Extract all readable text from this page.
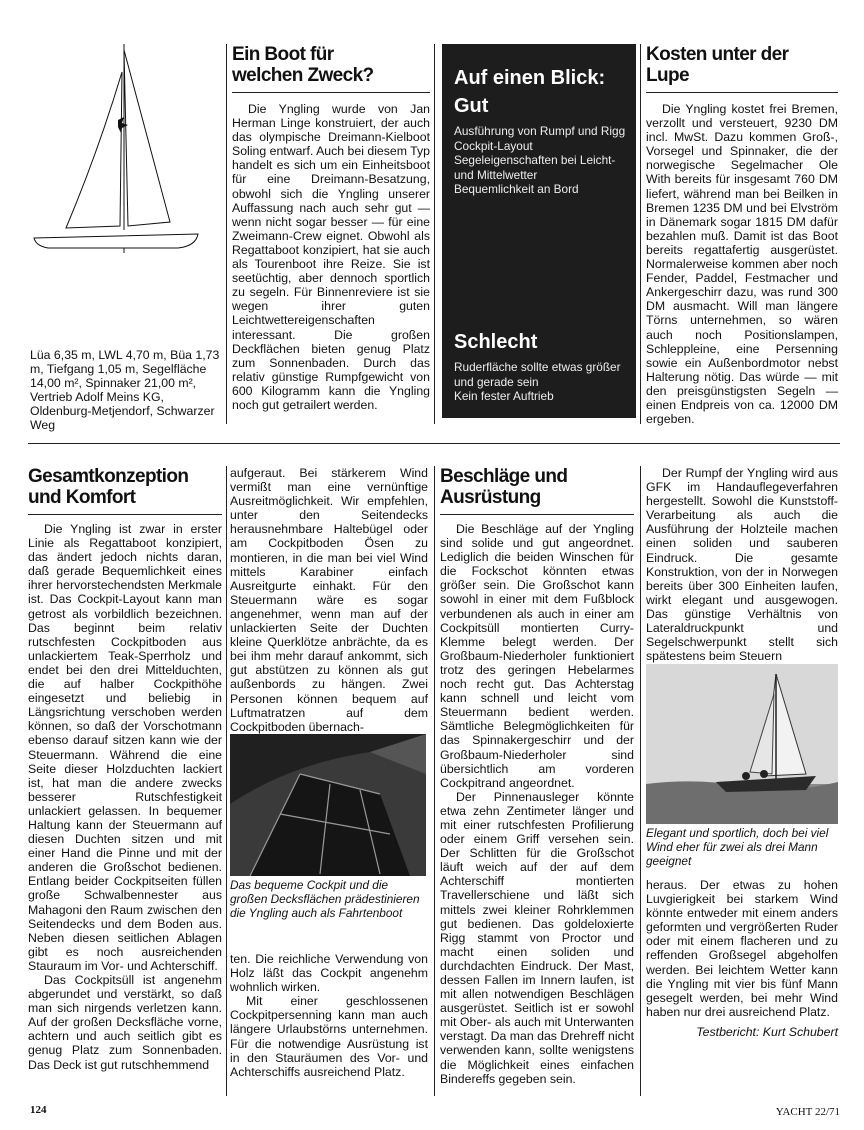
Lüa 6,35 m, LWL 4,70 m, Büa 1,73 m, Tiefgang 1,05 m, Segelfläche 14,00 m², Spinnaker 21,00 m², Vertrieb Adolf Meins KG, Oldenburg-Metjendorf, Schwarzer Weg
Ein Boot für welchen Zweck?

Die Yngling wurde von Jan Herman Linge konstruiert, der auch das olympische Dreimann-Kielboot Soling entwarf. Auch bei diesem Typ handelt es sich um ein Einheitsboot für eine Dreimann-Besatzung, obwohl sich die Yngling unserer Auffassung nach auch sehr gut — wenn nicht sogar besser — für eine Zweimann-Crew eignet. Obwohl als Regattaboot konzipiert, hat sie auch als Tourenboot ihre Reize. Sie ist seetüchtig, aber dennoch sportlich zu segeln. Für Binnenreviere ist sie wegen ihrer guten Leichtwettereigenschaften interessant. Die großen Deckflächen bieten genug Platz zum Sonnenbaden. Durch das relativ günstige Rumpfgewicht von 600 Kilogramm kann die Yngling noch gut getrailert werden.

Auf einen Blick:
Gut
Ausführung von Rumpf und Rigg
Cockpit-Layout
Segeleigenschaften bei Leicht- und Mittelwetter
Bequemlichkeit an Bord
Schlecht
Ruderfläche sollte etwas größer und gerade sein
Kein fester Auftrieb
Kosten unter der Lupe

Die Yngling kostet frei Bremen, verzollt und versteuert, 9230 DM incl. MwSt. Dazu kommen Groß-, Vorsegel und Spinnaker, die der norwegische Segelmacher Ole With bereits für insgesamt 760 DM liefert, während man bei Beilken in Bremen 1235 DM und bei Elvström in Dänemark sogar 1815 DM dafür bezahlen muß. Damit ist das Boot bereits regattafertig ausgerüstet. Normalerweise kommen aber noch Fender, Paddel, Festmacher und Ankergeschirr dazu, was rund 300 DM ausmacht. Will man längere Törns unternehmen, so wären auch noch Positionslampen, Schleppleine, eine Persenning sowie ein Außenbordmotor nebst Halterung nötig. Das würde — mit den preisgünstigsten Segeln — einen Endpreis von ca. 12000 DM ergeben.

Gesamtkonzeption und Komfort

Die Yngling ist zwar in erster Linie als Regattaboot konzipiert, das ändert jedoch nichts daran, daß gerade Bequemlichkeit eines ihrer hervorstechendsten Merkmale ist. Das Cockpit-Layout kann man getrost als vorbildlich bezeichnen. Das beginnt beim relativ rutschfesten Cockpitboden aus unlackiertem Teak-Sperrholz und endet bei den drei Mittelduchten, die auf halber Cockpithöhe eingesetzt und beliebig in Längsrichtung verschoben werden können, so daß der Vorschotmann ebenso darauf sitzen kann wie der Steuermann. Während die eine Seite dieser Holzduchten lackiert ist, hat man die andere zwecks besserer Rutschfestigkeit unlackiert gelassen. In bequemer Haltung kann der Steuermann auf diesen Duchten sitzen und mit einer Hand die Pinne und mit der anderen die Großschot bedienen. Entlang beider Cockpitseiten füllen große Schwalbennester aus Mahagoni den Raum zwischen den Seitendecks und dem Boden aus. Neben diesen seitlichen Ablagen gibt es noch ausreichenden Stauraum im Vor- und Achterschiff.

Das Cockpitsüll ist angenehm abgerundet und verstärkt, so daß man sich nirgends verletzen kann. Auf der großen Decksfläche vorne, achtern und auch seitlich gibt es genug Platz zum Sonnenbaden. Das Deck ist gut rutschhemmend

aufgeraut. Bei stärkerem Wind vermißt man eine vernünftige Ausreitmöglichkeit. Wir empfehlen, unter den Seitendecks herausnehmbare Haltebügel oder am Cockpitboden Ösen zu montieren, in die man bei viel Wind mittels Karabiner einfach Ausreitgurte einhakt. Für den Steuermann wäre es sogar angenehmer, wenn man auf der unlackierten Seite der Duchten kleine Querklötze anbrächte, da es bei ihm mehr darauf ankommt, sich gut abstützen zu können als gut außenbords zu hängen. Zwei Personen können bequem auf Luftmatratzen auf dem Cockpitboden übernach-

Das bequeme Cockpit und die großen Decksflächen prädestinieren die Yngling auch als Fahrtenboot

ten. Die reichliche Verwendung von Holz läßt das Cockpit angenehm wohnlich wirken.

Mit einer geschlossenen Cockpitpersenning kann man auch längere Urlaubstörns unternehmen. Für die notwendige Ausrüstung ist in den Stauräumen des Vor- und Achterschiffs ausreichend Platz.

Beschläge und Ausrüstung

Die Beschläge auf der Yngling sind solide und gut angeordnet. Lediglich die beiden Winschen für die Fockschot könnten etwas größer sein. Die Großschot kann sowohl in einer mit dem Fußblock verbundenen als auch in einer am Cockpitsüll montierten Curry-Klemme belegt werden. Der Großbaum-Niederholer funktioniert trotz des geringen Hebelarmes noch recht gut. Das Achterstag kann schnell und leicht vom Steuermann bedient werden. Sämtliche Belegmöglichkeiten für das Spinnakergeschirr und der Großbaum-Niederholer sind übersichtlich am vorderen Cockpitrand angeordnet.

Der Pinnenausleger könnte etwa zehn Zentimeter länger und mit einer rutschfesten Profilierung oder einem Griff versehen sein. Der Schlitten für die Großschot läuft weich auf der auf dem Achterschiff montierten Travellerschiene und läßt sich mittels zwei kleiner Rohrklemmen gut bedienen. Das goldeloxierte Rigg stammt von Proctor und macht einen soliden und durchdachten Eindruck. Der Mast, dessen Fallen im Innern laufen, ist mit allen notwendigen Beschlägen ausgerüstet. Seitlich ist er sowohl mit Ober- als auch mit Unterwanten verstagt. Da man das Drehreff nicht verwenden kann, sollte wenigstens die Möglichkeit eines einfachen Bindereffs gegeben sein.

Der Rumpf der Yngling wird aus GFK im Handauflegeverfahren hergestellt. Sowohl die Kunststoff-Verarbeitung als auch die Ausführung der Holzteile machen einen soliden und sauberen Eindruck. Die gesamte Konstruktion, von der in Norwegen bereits über 300 Einheiten laufen, wirkt elegant und ausgewogen. Das günstige Verhältnis von Lateraldruckpunkt und Segelschwerpunkt stellt sich spätestens beim Steuern

Elegant und sportlich, doch bei viel Wind eher für zwei als drei Mann geeignet

heraus. Der etwas zu hohen Luvgierigkeit bei starkem Wind könnte entweder mit einem anders geformten und vergrößerten Ruder oder mit einem flacheren und zu reffenden Großsegel abgeholfen werden. Bei leichtem Wetter kann die Yngling mit vier bis fünf Mann gesegelt werden, bei mehr Wind haben nur drei ausreichend Platz.

Testbericht: Kurt Schubert
124	YACHT 22/71
